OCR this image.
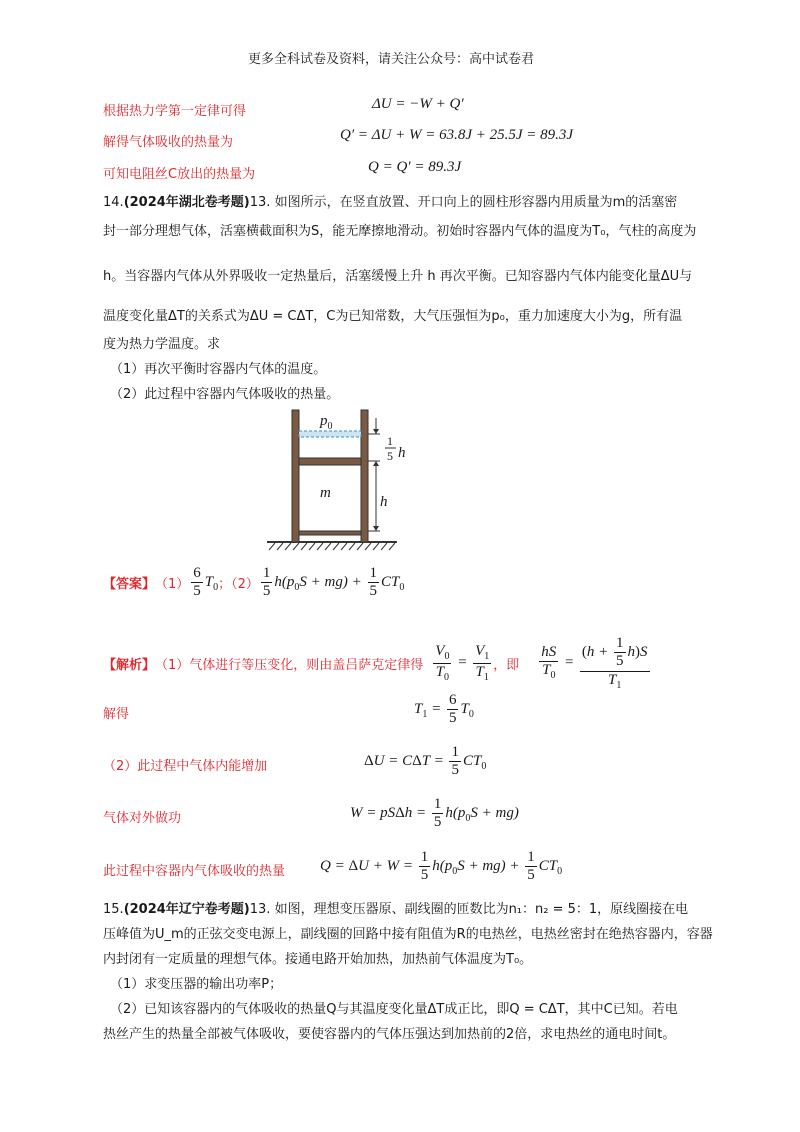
更多全科试卷及资料，请关注公众号：高中试卷君
根据热力学第一定律可得	ΔU = −W + Q′
解得气体吸收的热量为	Q′ = ΔU + W = 63.8J + 25.5J = 89.3J
可知电阻丝C放出的热量为	Q = Q′ = 89.3J
14.(2024年湖北卷考题)13. 如图所示，在竖直放置、开口向上的圆柱形容器内用质量为m的活塞密
封一部分理想气体，活塞横截面积为S，能无摩擦地滑动。初始时容器内气体的温度为T₀，气柱的高度为
h。当容器内气体从外界吸收一定热量后，活塞缓慢上升 h 再次平衡。已知容器内气体内能变化量ΔU与
温度变化量ΔT的关系式为ΔU = CΔT，C为已知常数，大气压强恒为p₀，重力加速度大小为g，所有温
度为热力学温度。求
（1）再次平衡时容器内气体的温度。
（2）此过程中容器内气体吸收的热量。
$p_0$
m
h
1
5 h
【答案】 $(1) \frac{6}{5} T_0$ ；$(2) \frac{1}{5} h(p_0S + mg) + \frac{1}{5} CT_0$
【解析】 （1）气体进行等压变化，则由盖吕萨克定律得 $\frac{V_0}{T_0} = \frac{V_1}{T_1}$ ，即 $\frac{hS}{T_0} = \frac{(h + \frac{1}{5} h)S}{T_1}$
解得	$T_1 = \frac{6}{5} T_0$
（2）此过程中气体内能增加	$\Delta U = C\Delta T = \frac{1}{5} CT_0$
气体对外做功	$W = pS\Delta h = \frac{1}{5} h(p_0S + mg)$
此过程中容器内气体吸收的热量 $Q = \Delta U + W = \frac{1}{5} h(p_0S + mg) + \frac{1}{5} CT_0$
15.(2024年辽宁卷考题)13. 如图，理想变压器原、副线圈的匝数比为n₁：n₂ = 5：1，原线圈接在电
压峰值为U_m的正弦交变电源上，副线圈的回路中接有阻值为R的电热丝，电热丝密封在绝热容器内，容器
内封闭有一定质量的理想气体。接通电路开始加热，加热前气体温度为T₀。
（1）求变压器的输出功率P；
（2）已知该容器内的气体吸收的热量Q与其温度变化量ΔT成正比，即Q = CΔT，其中C已知。若电
热丝产生的热量全部被气体吸收，要使容器内的气体压强达到加热前的2倍，求电热丝的通电时间t。
